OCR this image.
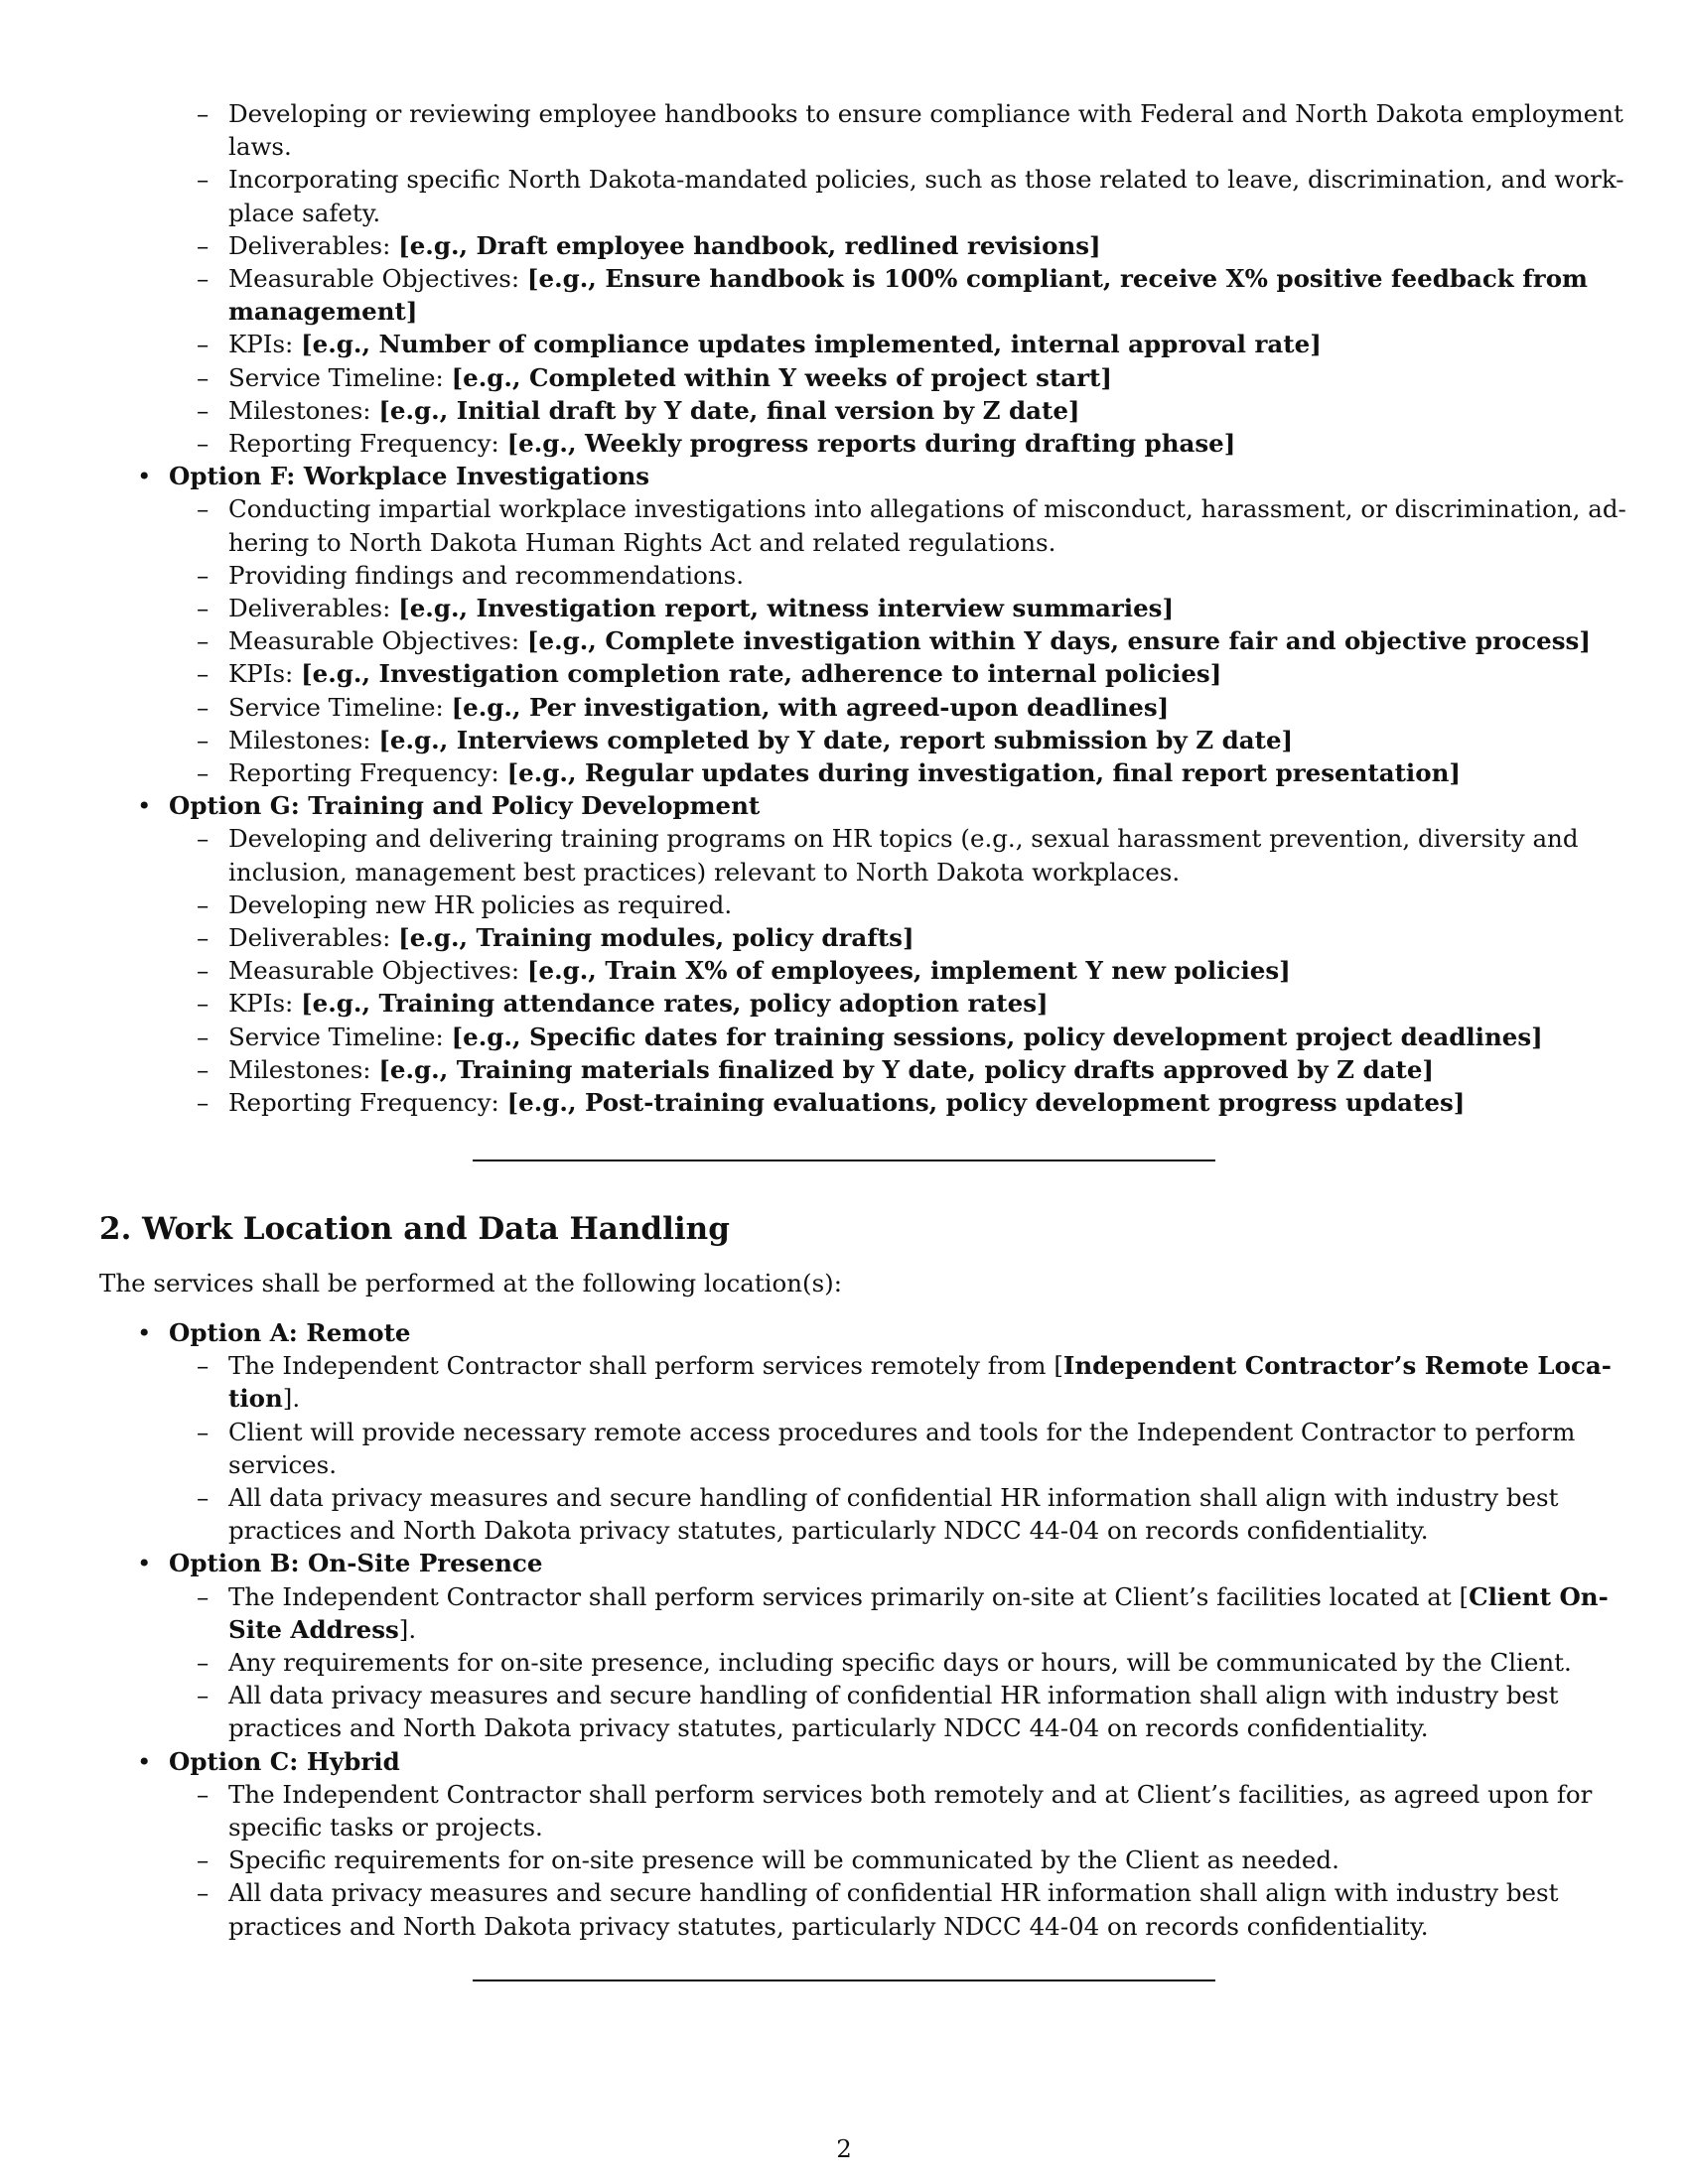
– Developing or reviewing employee handbooks to ensure compliance with Federal and North Dakota employment
laws.
– Incorporating specific North Dakota-mandated policies, such as those related to leave, discrimination, and work-
place safety.
– Deliverables: [e.g., Draft employee handbook, redlined revisions]
– Measurable Objectives: [e.g., Ensure handbook is 100% compliant, receive X% positive feedback from
management]
– KPIs: [e.g., Number of compliance updates implemented, internal approval rate]
– Service Timeline: [e.g., Completed within Y weeks of project start]
– Milestones: [e.g., Initial draft by Y date, final version by Z date]
– Reporting Frequency: [e.g., Weekly progress reports during drafting phase]
• Option F: Workplace Investigations
– Conducting impartial workplace investigations into allegations of misconduct, harassment, or discrimination, ad-
hering to North Dakota Human Rights Act and related regulations.
– Providing findings and recommendations.
– Deliverables: [e.g., Investigation report, witness interview summaries]
– Measurable Objectives: [e.g., Complete investigation within Y days, ensure fair and objective process]
– KPIs: [e.g., Investigation completion rate, adherence to internal policies]
– Service Timeline: [e.g., Per investigation, with agreed-upon deadlines]
– Milestones: [e.g., Interviews completed by Y date, report submission by Z date]
– Reporting Frequency: [e.g., Regular updates during investigation, final report presentation]
• Option G: Training and Policy Development
– Developing and delivering training programs on HR topics (e.g., sexual harassment prevention, diversity and
inclusion, management best practices) relevant to North Dakota workplaces.
– Developing new HR policies as required.
– Deliverables: [e.g., Training modules, policy drafts]
– Measurable Objectives: [e.g., Train X% of employees, implement Y new policies]
– KPIs: [e.g., Training attendance rates, policy adoption rates]
– Service Timeline: [e.g., Specific dates for training sessions, policy development project deadlines]
– Milestones: [e.g., Training materials finalized by Y date, policy drafts approved by Z date]
– Reporting Frequency: [e.g., Post-training evaluations, policy development progress updates]
2. Work Location and Data Handling

The services shall be performed at the following location(s):

• Option A: Remote
– The Independent Contractor shall perform services remotely from [Independent Contractor’s Remote Loca-
tion].
– Client will provide necessary remote access procedures and tools for the Independent Contractor to perform
services.
– All data privacy measures and secure handling of confidential HR information shall align with industry best
practices and North Dakota privacy statutes, particularly NDCC 44-04 on records confidentiality.
• Option B: On-Site Presence
– The Independent Contractor shall perform services primarily on-site at Client’s facilities located at [Client On-
Site Address].
– Any requirements for on-site presence, including specific days or hours, will be communicated by the Client.
– All data privacy measures and secure handling of confidential HR information shall align with industry best
practices and North Dakota privacy statutes, particularly NDCC 44-04 on records confidentiality.
• Option C: Hybrid
– The Independent Contractor shall perform services both remotely and at Client’s facilities, as agreed upon for
specific tasks or projects.
– Specific requirements for on-site presence will be communicated by the Client as needed.
– All data privacy measures and secure handling of confidential HR information shall align with industry best
practices and North Dakota privacy statutes, particularly NDCC 44-04 on records confidentiality.
2
